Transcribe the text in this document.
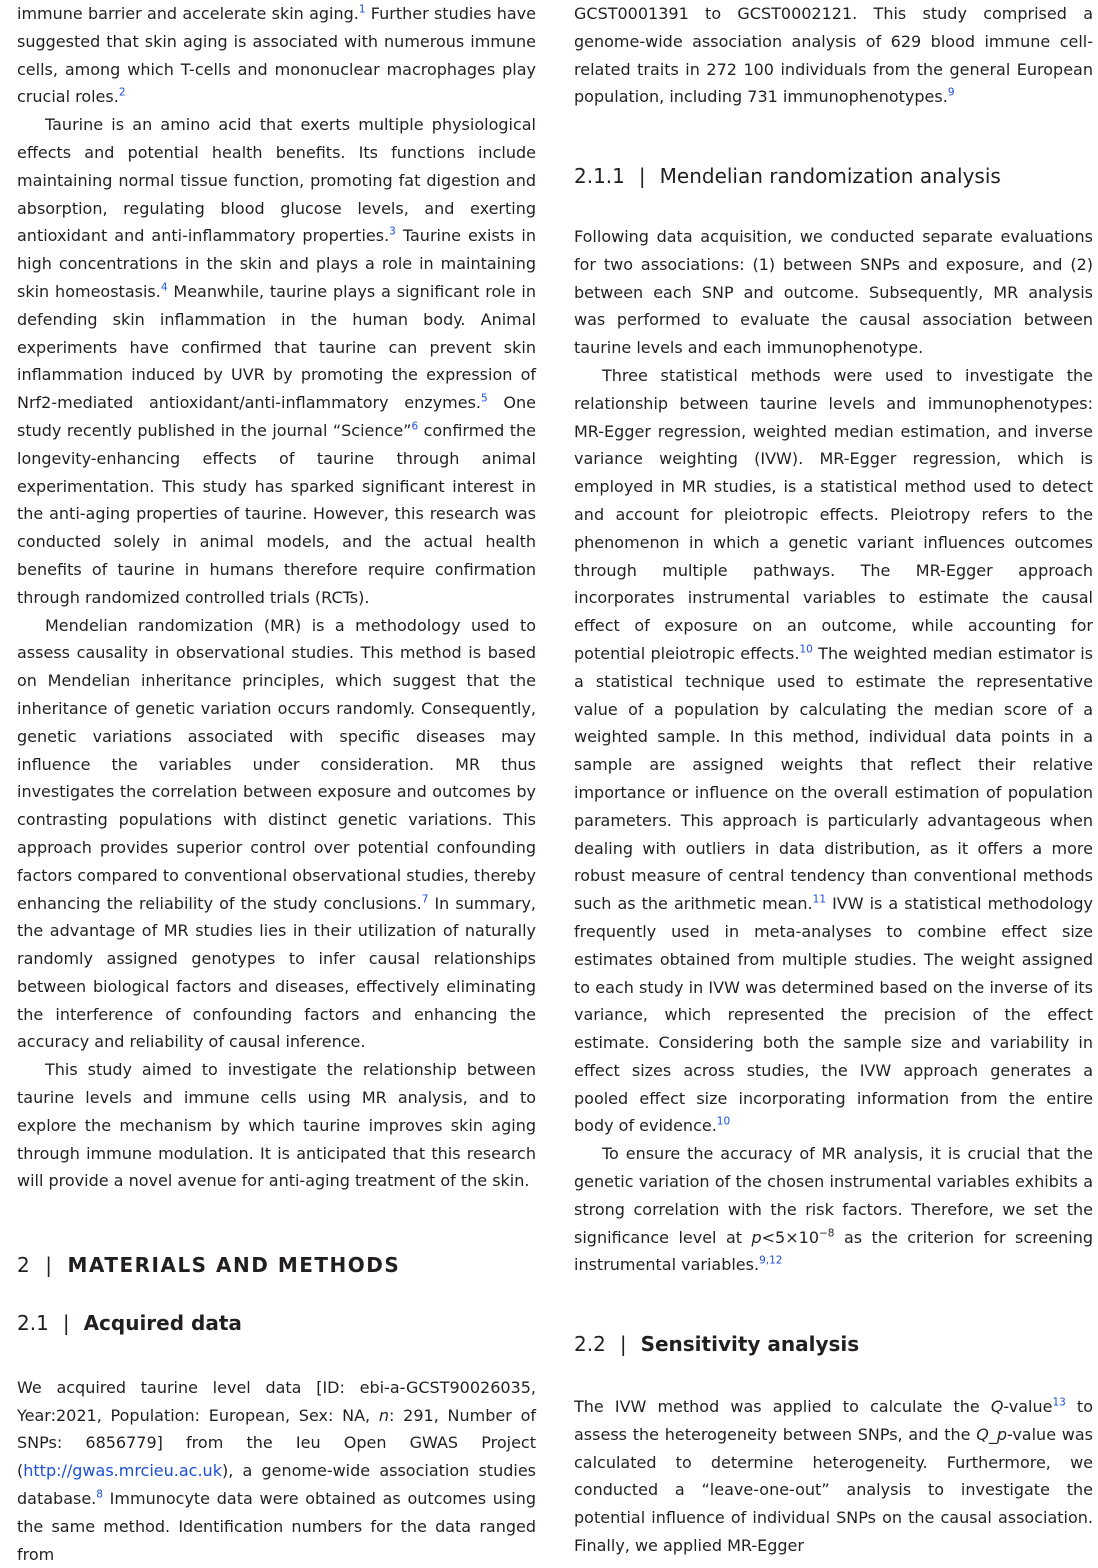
immune barrier and accelerate skin aging.$^1$ Further studies have suggested that skin aging is associated with numerous immune cells, among which T-cells and mononuclear macrophages play crucial roles.$^2$

Taurine is an amino acid that exerts multiple physiological effects and potential health benefits. Its functions include maintaining normal tissue function, promoting fat digestion and absorption, regulating blood glucose levels, and exerting antioxidant and anti-inflammatory properties.$^3$ Taurine exists in high concentrations in the skin and plays a role in maintaining skin homeostasis.$^4$ Meanwhile, taurine plays a significant role in defending skin inflammation in the human body. Animal experiments have confirmed that taurine can prevent skin inflammation induced by UVR by promoting the expression of Nrf2-mediated antioxidant/anti-inflammatory enzymes.$^5$ One study recently published in the journal “Science”$^6$ confirmed the longevity-enhancing effects of taurine through animal experimentation. This study has sparked significant interest in the anti-aging properties of taurine. However, this research was conducted solely in animal models, and the actual health benefits of taurine in humans therefore require confirmation through randomized controlled trials (RCTs).

Mendelian randomization (MR) is a methodology used to assess causality in observational studies. This method is based on Mendelian inheritance principles, which suggest that the inheritance of genetic variation occurs randomly. Consequently, genetic variations associated with specific diseases may influence the variables under consideration. MR thus investigates the correlation between exposure and outcomes by contrasting populations with distinct genetic variations. This approach provides superior control over potential confounding factors compared to conventional observational studies, thereby enhancing the reliability of the study conclusions.$^7$ In summary, the advantage of MR studies lies in their utilization of naturally randomly assigned genotypes to infer causal relationships between biological factors and diseases, effectively eliminating the interference of confounding factors and enhancing the accuracy and reliability of causal inference.

This study aimed to investigate the relationship between taurine levels and immune cells using MR analysis, and to explore the mechanism by which taurine improves skin aging through immune modulation. It is anticipated that this research will provide a novel avenue for anti-aging treatment of the skin.

2 | MATERIALS AND METHODS
2.1 | Acquired data

We acquired taurine level data [ID: ebi-a-GCST90026035, Year:2021, Population: European, Sex: NA, n: 291, Number of SNPs: 6856779] from the Ieu Open GWAS Project (http://gwas.mrcieu.ac.uk), a genome-wide association studies database.$^8$ Immunocyte data were obtained as outcomes using the same method. Identification numbers for the data ranged from

GCST0001391 to GCST0002121. This study comprised a genome-wide association analysis of 629 blood immune cell-related traits in 272 100 individuals from the general European population, including 731 immunophenotypes.$^9$

2.1.1 | Mendelian randomization analysis

Following data acquisition, we conducted separate evaluations for two associations: (1) between SNPs and exposure, and (2) between each SNP and outcome. Subsequently, MR analysis was performed to evaluate the causal association between taurine levels and each immunophenotype.

Three statistical methods were used to investigate the relationship between taurine levels and immunophenotypes: MR-Egger regression, weighted median estimation, and inverse variance weighting (IVW). MR-Egger regression, which is employed in MR studies, is a statistical method used to detect and account for pleiotropic effects. Pleiotropy refers to the phenomenon in which a genetic variant influences outcomes through multiple pathways. The MR-Egger approach incorporates instrumental variables to estimate the causal effect of exposure on an outcome, while accounting for potential pleiotropic effects.$^{10}$ The weighted median estimator is a statistical technique used to estimate the representative value of a population by calculating the median score of a weighted sample. In this method, individual data points in a sample are assigned weights that reflect their relative importance or influence on the overall estimation of population parameters. This approach is particularly advantageous when dealing with outliers in data distribution, as it offers a more robust measure of central tendency than conventional methods such as the arithmetic mean.$^{11}$ IVW is a statistical methodology frequently used in meta-analyses to combine effect size estimates obtained from multiple studies. The weight assigned to each study in IVW was determined based on the inverse of its variance, which represented the precision of the effect estimate. Considering both the sample size and variability in effect sizes across studies, the IVW approach generates a pooled effect size incorporating information from the entire body of evidence.$^{10}$

To ensure the accuracy of MR analysis, it is crucial that the genetic variation of the chosen instrumental variables exhibits a strong correlation with the risk factors. Therefore, we set the significance level at $p<5\times 10^{-8}$ as the criterion for screening instrumental variables.$^{9,12}$

2.2 | Sensitivity analysis

The IVW method was applied to calculate the Q-value$^{13}$ to assess the heterogeneity between SNPs, and the Q_p-value was calculated to determine heterogeneity. Furthermore, we conducted a “leave-one-out” analysis to investigate the potential influence of individual SNPs on the causal association. Finally, we applied MR-Egger
